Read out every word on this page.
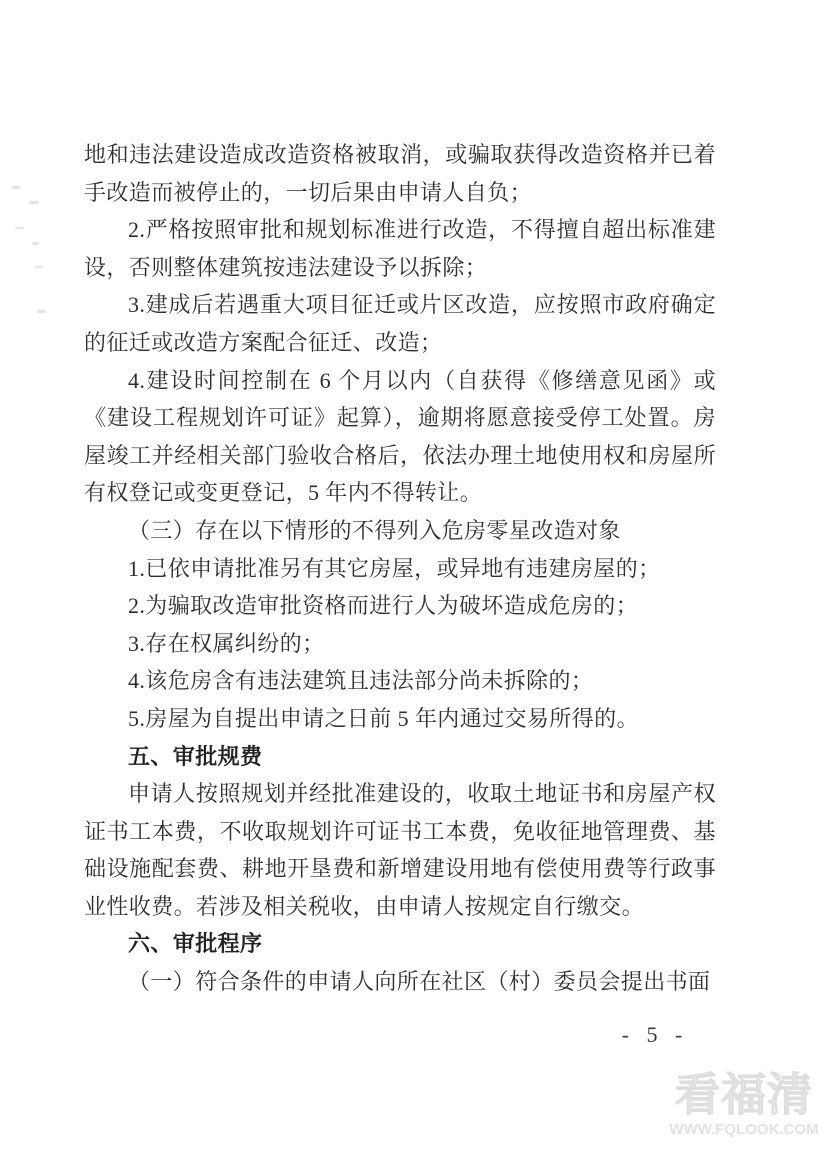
地和违法建设造成改造资格被取消，或骗取获得改造资格并已着手改造而被停止的，一切后果由申请人自负；

2.严格按照审批和规划标准进行改造，不得擅自超出标准建设，否则整体建筑按违法建设予以拆除；

3.建成后若遇重大项目征迁或片区改造，应按照市政府确定的征迁或改造方案配合征迁、改造；

4.建设时间控制在 6 个月以内（自获得《修缮意见函》或《建设工程规划许可证》起算），逾期将愿意接受停工处置。房屋竣工并经相关部门验收合格后，依法办理土地使用权和房屋所有权登记或变更登记，5 年内不得转让。

（三）存在以下情形的不得列入危房零星改造对象

1.已依申请批准另有其它房屋，或异地有违建房屋的；

2.为骗取改造审批资格而进行人为破坏造成危房的；

3.存在权属纠纷的；

4.该危房含有违法建筑且违法部分尚未拆除的；

5.房屋为自提出申请之日前 5 年内通过交易所得的。

五、审批规费

申请人按照规划并经批准建设的，收取土地证书和房屋产权证书工本费，不收取规划许可证书工本费，免收征地管理费、基础设施配套费、耕地开垦费和新增建设用地有偿使用费等行政事业性收费。若涉及相关税收，由申请人按规定自行缴交。

六、审批程序

（一）符合条件的申请人向所在社区（村）委员会提出书面

- 5 -
看福清
WWW.FQLOOK.COM
